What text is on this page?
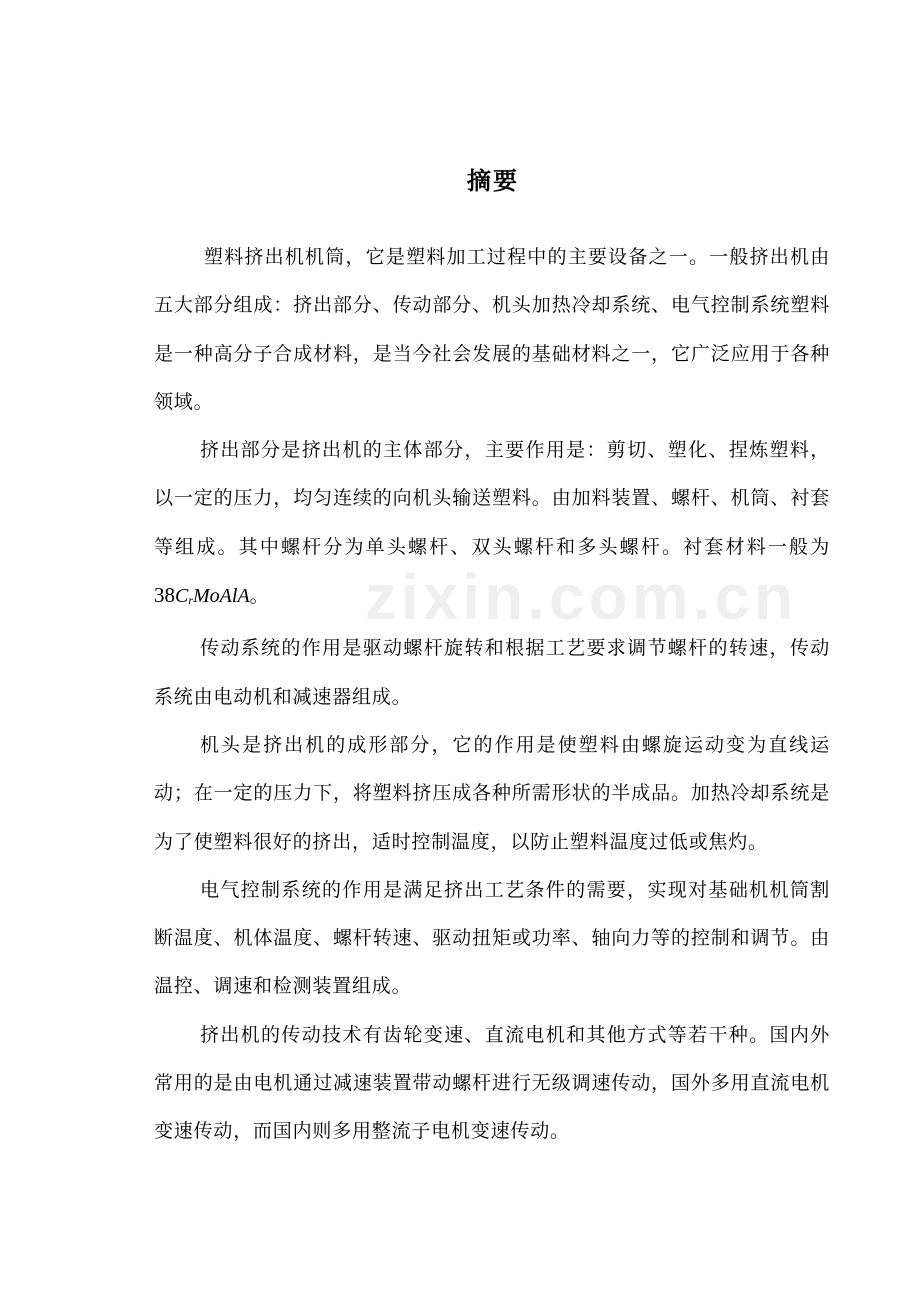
zixin.com.cn
摘要

塑料挤出机机筒，它是塑料加工过程中的主要设备之一。一般挤出机由五大部分组成：挤出部分、传动部分、机头加热冷却系统、电气控制系统塑料是一种高分子合成材料，是当今社会发展的基础材料之一，它广泛应用于各种领域。

挤出部分是挤出机的主体部分，主要作用是：剪切、塑化、捏炼塑料，以一定的压力，均匀连续的向机头输送塑料。由加料装置、螺杆、机筒、衬套等组成。其中螺杆分为单头螺杆、双头螺杆和多头螺杆。衬套材料一般为$38C_rMoAlA$。

传动系统的作用是驱动螺杆旋转和根据工艺要求调节螺杆的转速，传动系统由电动机和减速器组成。

机头是挤出机的成形部分，它的作用是使塑料由螺旋运动变为直线运动；在一定的压力下，将塑料挤压成各种所需形状的半成品。加热冷却系统是为了使塑料很好的挤出，适时控制温度，以防止塑料温度过低或焦灼。

电气控制系统的作用是满足挤出工艺条件的需要，实现对基础机机筒割断温度、机体温度、螺杆转速、驱动扭矩或功率、轴向力等的控制和调节。由温控、调速和检测装置组成。

挤出机的传动技术有齿轮变速、直流电机和其他方式等若干种。国内外常用的是由电机通过减速装置带动螺杆进行无级调速传动，国外多用直流电机变速传动，而国内则多用整流子电机变速传动。
